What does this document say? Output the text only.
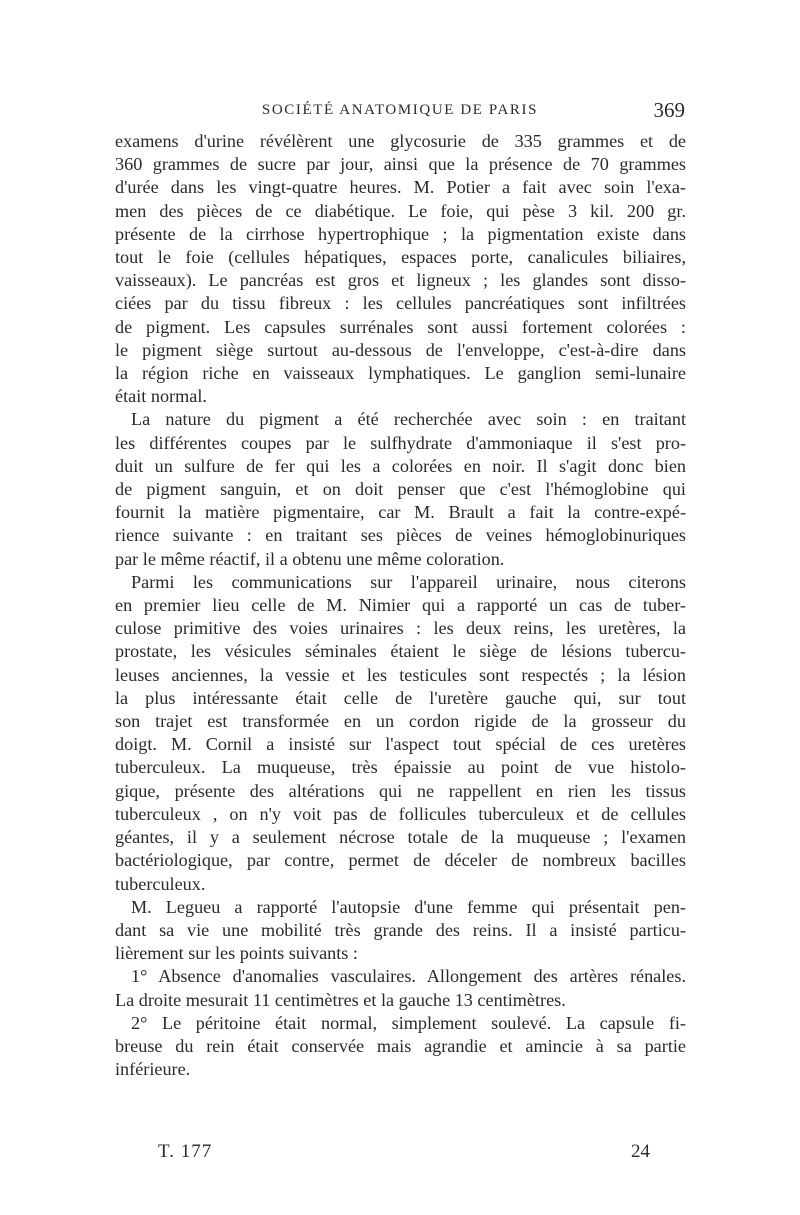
SOCIÉTÉ ANATOMIQUE DE PARIS	369

examens d'urine révélèrent une glycosurie de 335 grammes et de
360 grammes de sucre par jour, ainsi que la présence de 70 grammes
d'urée dans les vingt-quatre heures. M. Potier a fait avec soin l'exa-
men des pièces de ce diabétique. Le foie, qui pèse 3 kil. 200 gr.
présente de la cirrhose hypertrophique ; la pigmentation existe dans
tout le foie (cellules hépatiques, espaces porte, canalicules biliaires,
vaisseaux). Le pancréas est gros et ligneux ; les glandes sont disso-
ciées par du tissu fibreux : les cellules pancréatiques sont infiltrées
de pigment. Les capsules surrénales sont aussi fortement colorées :
le pigment siège surtout au-dessous de l'enveloppe, c'est-à-dire dans
la région riche en vaisseaux lymphatiques. Le ganglion semi-lunaire
était normal.

La nature du pigment a été recherchée avec soin : en traitant
les différentes coupes par le sulfhydrate d'ammoniaque il s'est pro-
duit un sulfure de fer qui les a colorées en noir. Il s'agit donc bien
de pigment sanguin, et on doit penser que c'est l'hémoglobine qui
fournit la matière pigmentaire, car M. Brault a fait la contre-expé-
rience suivante : en traitant ses pièces de veines hémoglobinuriques
par le même réactif, il a obtenu une même coloration.

Parmi les communications sur l'appareil urinaire, nous citerons
en premier lieu celle de M. Nimier qui a rapporté un cas de tuber-
culose primitive des voies urinaires : les deux reins, les uretères, la
prostate, les vésicules séminales étaient le siège de lésions tubercu-
leuses anciennes, la vessie et les testicules sont respectés ; la lésion
la plus intéressante était celle de l'uretère gauche qui, sur tout
son trajet est transformée en un cordon rigide de la grosseur du
doigt. M. Cornil a insisté sur l'aspect tout spécial de ces uretères
tuberculeux. La muqueuse, très épaissie au point de vue histolo-
gique, présente des altérations qui ne rappellent en rien les tissus
tuberculeux , on n'y voit pas de follicules tuberculeux et de cellules
géantes, il y a seulement nécrose totale de la muqueuse ; l'examen
bactériologique, par contre, permet de déceler de nombreux bacilles
tuberculeux.

M. Legueu a rapporté l'autopsie d'une femme qui présentait pen-
dant sa vie une mobilité très grande des reins. Il a insisté particu-
lièrement sur les points suivants :

1° Absence d'anomalies vasculaires. Allongement des artères rénales.
La droite mesurait 11 centimètres et la gauche 13 centimètres.

2° Le péritoine était normal, simplement soulevé. La capsule fi-
breuse du rein était conservée mais agrandie et amincie à sa partie
inférieure.

T. 177	24
